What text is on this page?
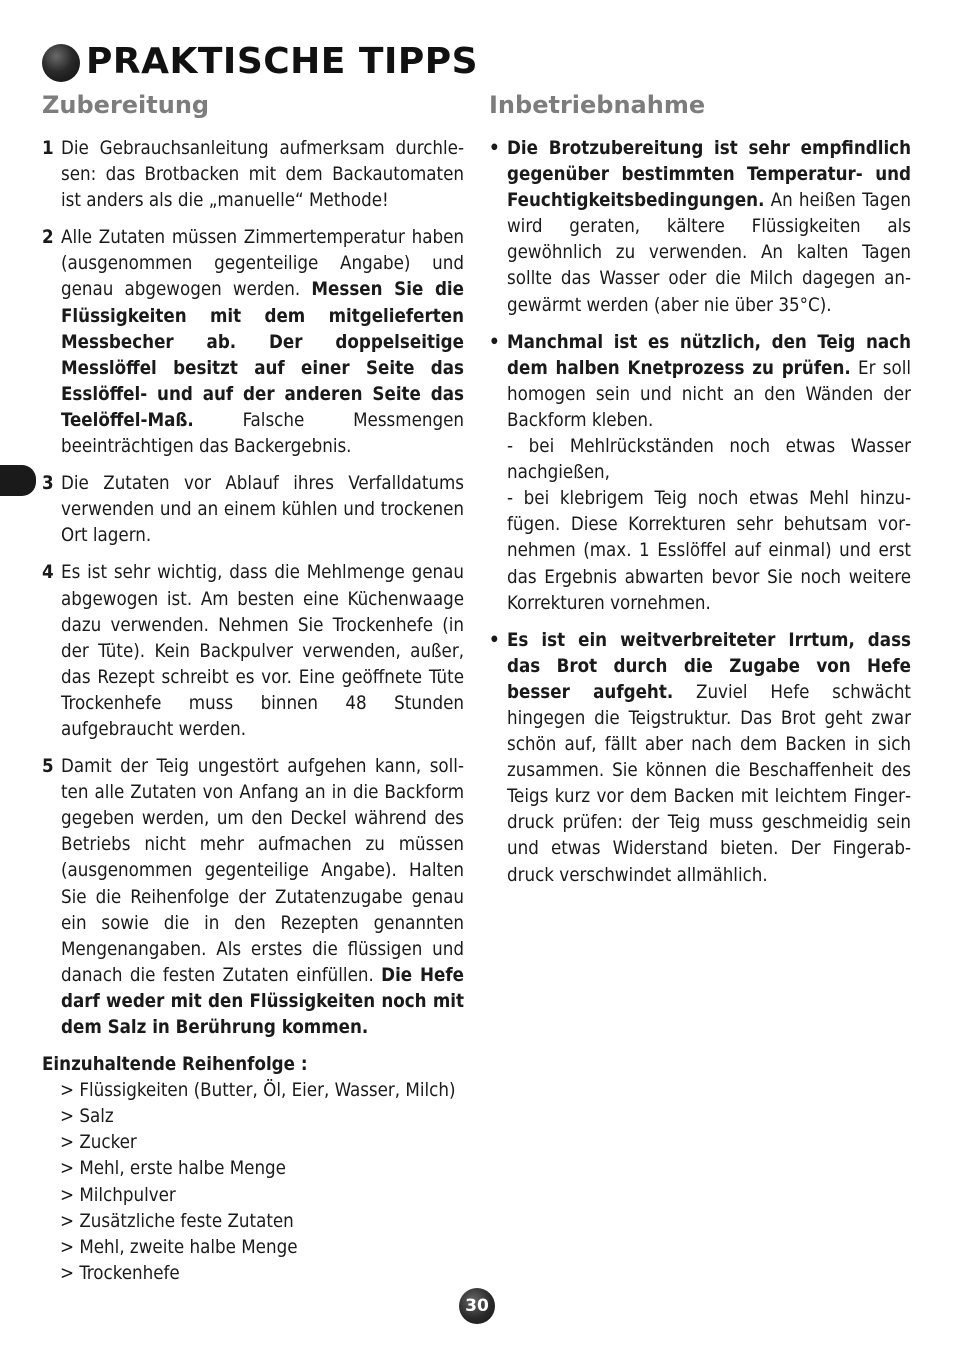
PRAKTISCHE TIPPS
Zubereitung
1 Die Gebrauchsanleitung aufmerksam durchlesen: das Brotbacken mit dem Backautomaten ist anders als die „manuelle“ Methode!
2 Alle Zutaten müssen Zimmertemperatur haben (ausgenommen gegenteilige Angabe) und genau abgewogen werden. Messen Sie die Flüssigkeiten mit dem mitgelieferten Messbecher ab. Der doppelseitige Messlöffel besitzt auf einer Seite das Esslöffel- und auf der anderen Seite das Teelöffel-Maß. Falsche Messmengen beeinträchtigen das Backergebnis.
3 Die Zutaten vor Ablauf ihres Verfalldatums verwenden und an einem kühlen und trockenen Ort lagern.
4 Es ist sehr wichtig, dass die Mehlmenge genau abgewogen ist. Am besten eine Küchenwaage dazu verwenden. Nehmen Sie Trockenhefe (in der Tüte). Kein Backpulver verwenden, außer, das Rezept schreibt es vor. Eine geöffnete Tüte Trockenhefe muss binnen 48 Stunden aufgebraucht werden.
5 Damit der Teig ungestört aufgehen kann, sollten alle Zutaten von Anfang an in die Backform gegeben werden, um den Deckel während des Betriebs nicht mehr aufmachen zu müssen (ausgenommen gegenteilige Angabe). Halten Sie die Reihenfolge der Zutatenzugabe genau ein sowie die in den Rezepten genannten Mengenangaben. Als erstes die flüssigen und danach die festen Zutaten einfüllen. Die Hefe darf weder mit den Flüssigkeiten noch mit dem Salz in Berührung kommen.
Einzuhaltende Reihenfolge :
> Flüssigkeiten (Butter, Öl, Eier, Wasser, Milch)
> Salz
> Zucker
> Mehl, erste halbe Menge
> Milchpulver
> Zusätzliche feste Zutaten
> Mehl, zweite halbe Menge
> Trockenhefe
Inbetriebnahme
• Die Brotzubereitung ist sehr empfindlich gegenüber bestimmten Temperatur- und Feuchtigkeitsbedingungen. An heißen Tagen wird geraten, kältere Flüssigkeiten als gewöhnlich zu verwenden. An kalten Tagen sollte das Wasser oder die Milch dagegen angewärmt werden (aber nie über 35°C).

• Manchmal ist es nützlich, den Teig nach dem halben Knetprozess zu prüfen. Er soll homogen sein und nicht an den Wänden der Backform kleben.

- bei Mehlrückständen noch etwas Wasser nachgießen,

- bei klebrigem Teig noch etwas Mehl hinzufügen. Diese Korrekturen sehr behutsam vornehmen (max. 1 Esslöffel auf einmal) und erst das Ergebnis abwarten bevor Sie noch weitere Korrekturen vornehmen.

• Es ist ein weitverbreiteter Irrtum, dass das Brot durch die Zugabe von Hefe besser aufgeht. Zuviel Hefe schwächt hingegen die Teigstruktur. Das Brot geht zwar schön auf, fällt aber nach dem Backen in sich zusammen. Sie können die Beschaffenheit des Teigs kurz vor dem Backen mit leichtem Fingerdruck prüfen: der Teig muss geschmeidig sein und etwas Widerstand bieten. Der Fingerabdruck verschwindet allmählich.

30
